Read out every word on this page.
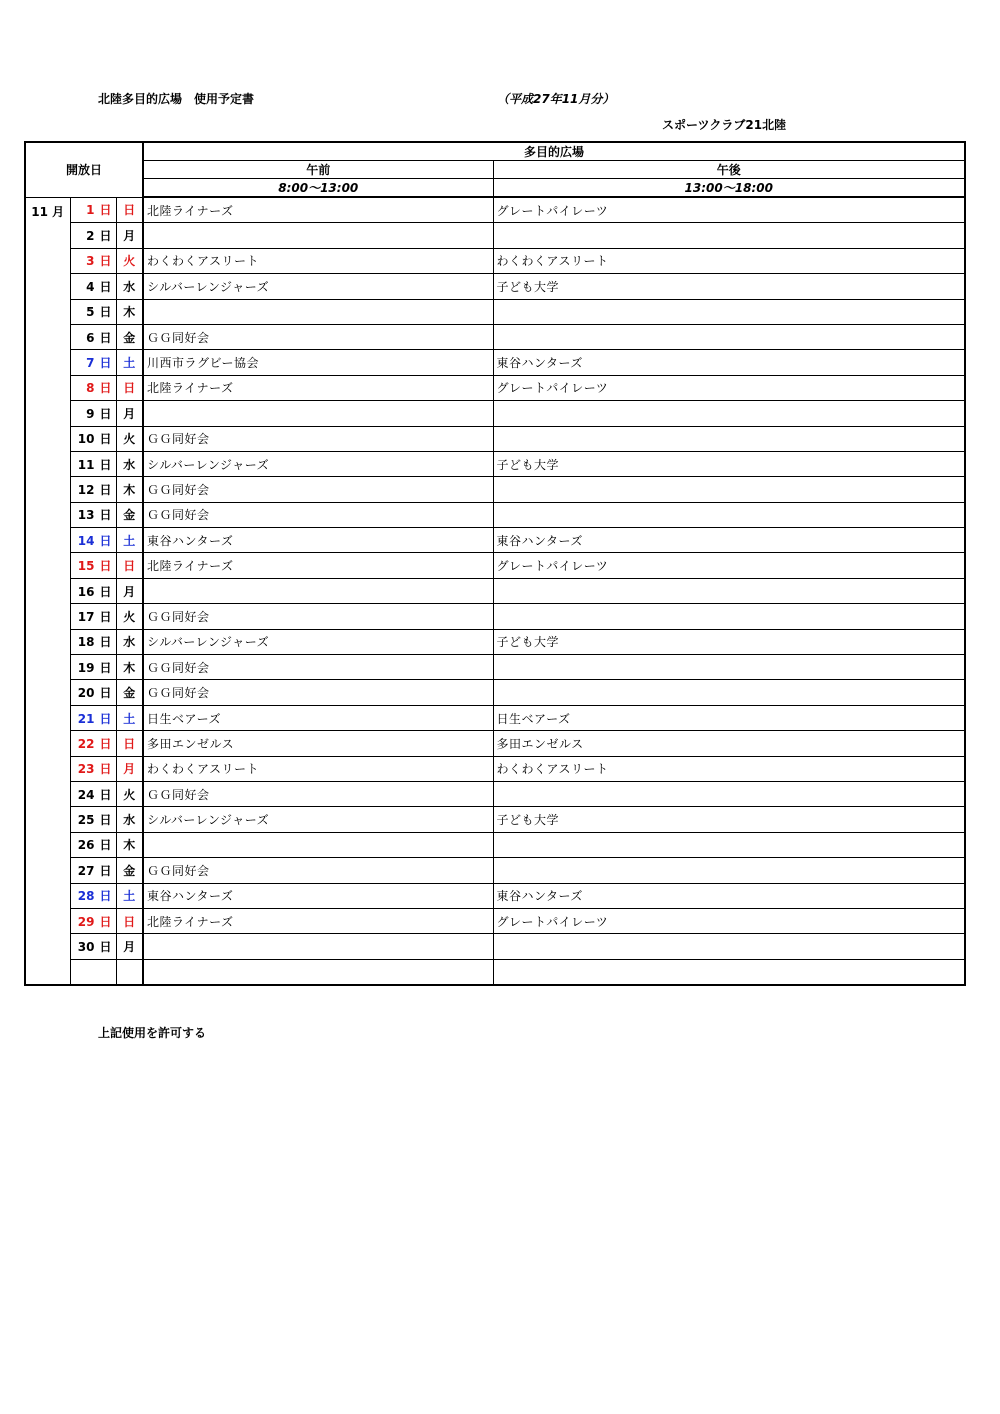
北陸多目的広場　使用予定書	（平成27年11月分）
スポーツクラブ21北陸
開放日			多目的広場	
			午前	午後
			8:00～13:00	13:00～18:00
11 月	1 日	日	北陸ライナーズ	グレートパイレーツ
	2 日	月		
	3 日	火	わくわくアスリート	わくわくアスリート
	4 日	水	シルバーレンジャーズ	子ども大学
	5 日	木		
	6 日	金	ＧＧ同好会	
	7 日	土	川西市ラグビー協会	東谷ハンターズ
	8 日	日	北陸ライナーズ	グレートパイレーツ
	9 日	月		
	10 日	火	ＧＧ同好会	
	11 日	水	シルバーレンジャーズ	子ども大学
	12 日	木	ＧＧ同好会	
	13 日	金	ＧＧ同好会	
	14 日	土	東谷ハンターズ	東谷ハンターズ
	15 日	日	北陸ライナーズ	グレートパイレーツ
	16 日	月		
	17 日	火	ＧＧ同好会	
	18 日	水	シルバーレンジャーズ	子ども大学
	19 日	木	ＧＧ同好会	
	20 日	金	ＧＧ同好会	
	21 日	土	日生ベアーズ	日生ベアーズ
	22 日	日	多田エンゼルス	多田エンゼルス
	23 日	月	わくわくアスリート	わくわくアスリート
	24 日	火	ＧＧ同好会	
	25 日	水	シルバーレンジャーズ	子ども大学
	26 日	木		
	27 日	金	ＧＧ同好会	
	28 日	土	東谷ハンターズ	東谷ハンターズ
	29 日	日	北陸ライナーズ	グレートパイレーツ
	30 日	月		

上記使用を許可する
